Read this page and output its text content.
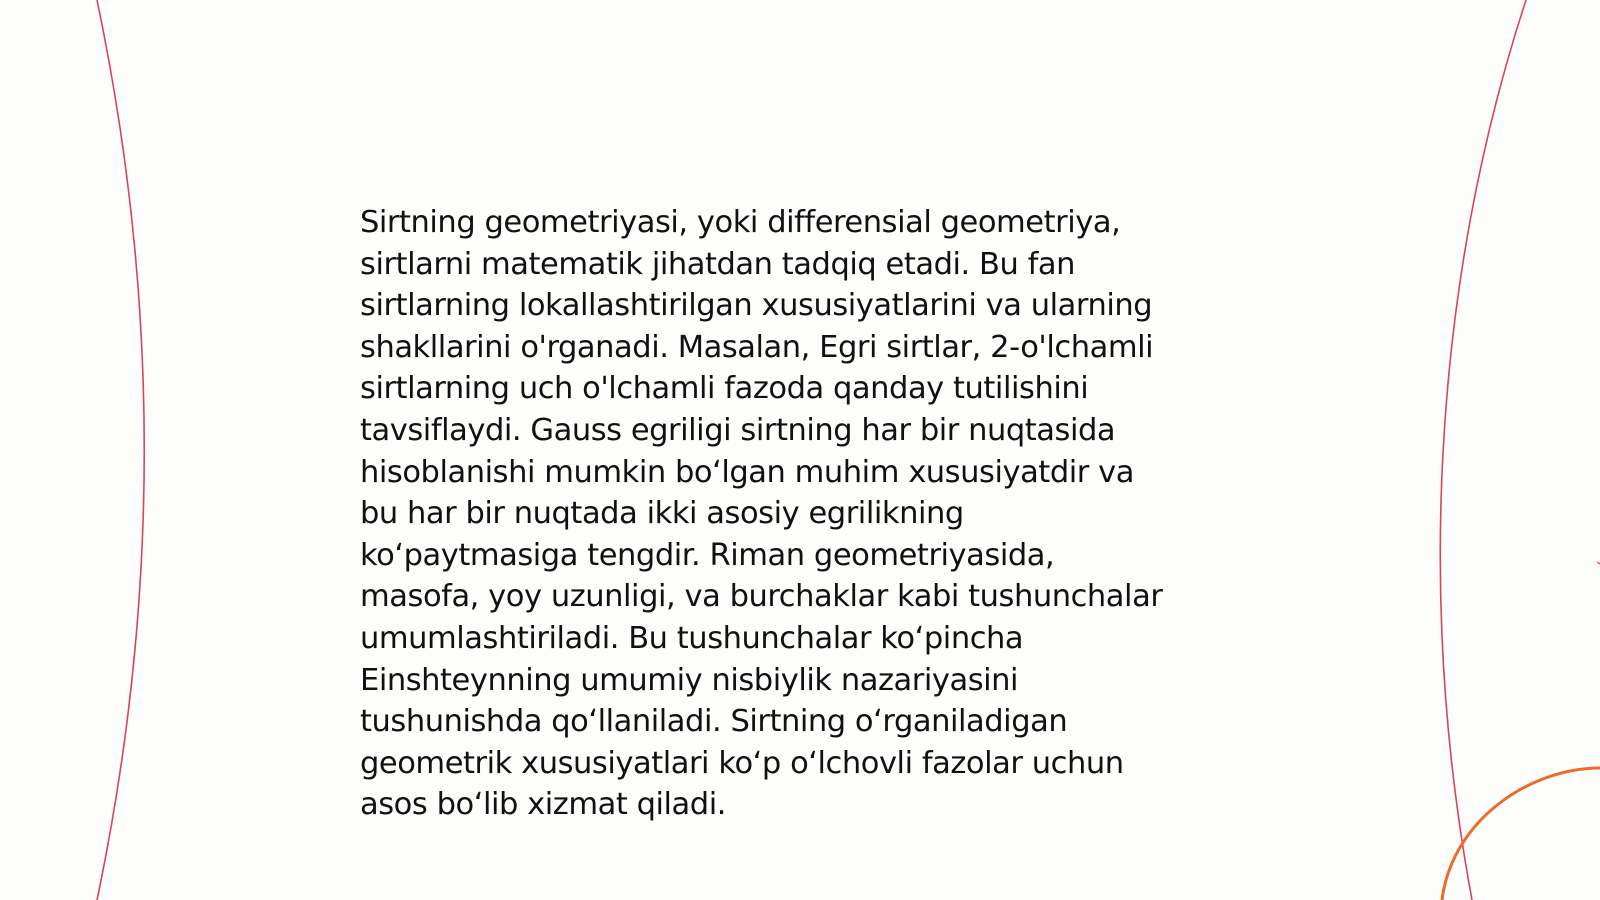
Sirtning geometriyasi, yoki differensial geometriya,
sirtlarni matematik jihatdan tadqiq etadi. Bu fan
sirtlarning lokallashtirilgan xususiyatlarini va ularning
shakllarini o'rganadi. Masalan, Egri sirtlar, 2-o'lchamli
sirtlarning uch o'lchamli fazoda qanday tutilishini
tavsiflaydi. Gauss egriligi sirtning har bir nuqtasida
hisoblanishi mumkin boʻlgan muhim xususiyatdir va
bu har bir nuqtada ikki asosiy egrilikning
koʻpaytmasiga tengdir. Riman geometriyasida,
masofa, yoy uzunligi, va burchaklar kabi tushunchalar
umumlashtiriladi. Bu tushunchalar koʻpincha
Einshteynning umumiy nisbiylik nazariyasini
tushunishda qoʻllaniladi. Sirtning oʻrganiladigan
geometrik xususiyatlari koʻp oʻlchovli fazolar uchun
asos boʻlib xizmat qiladi.
